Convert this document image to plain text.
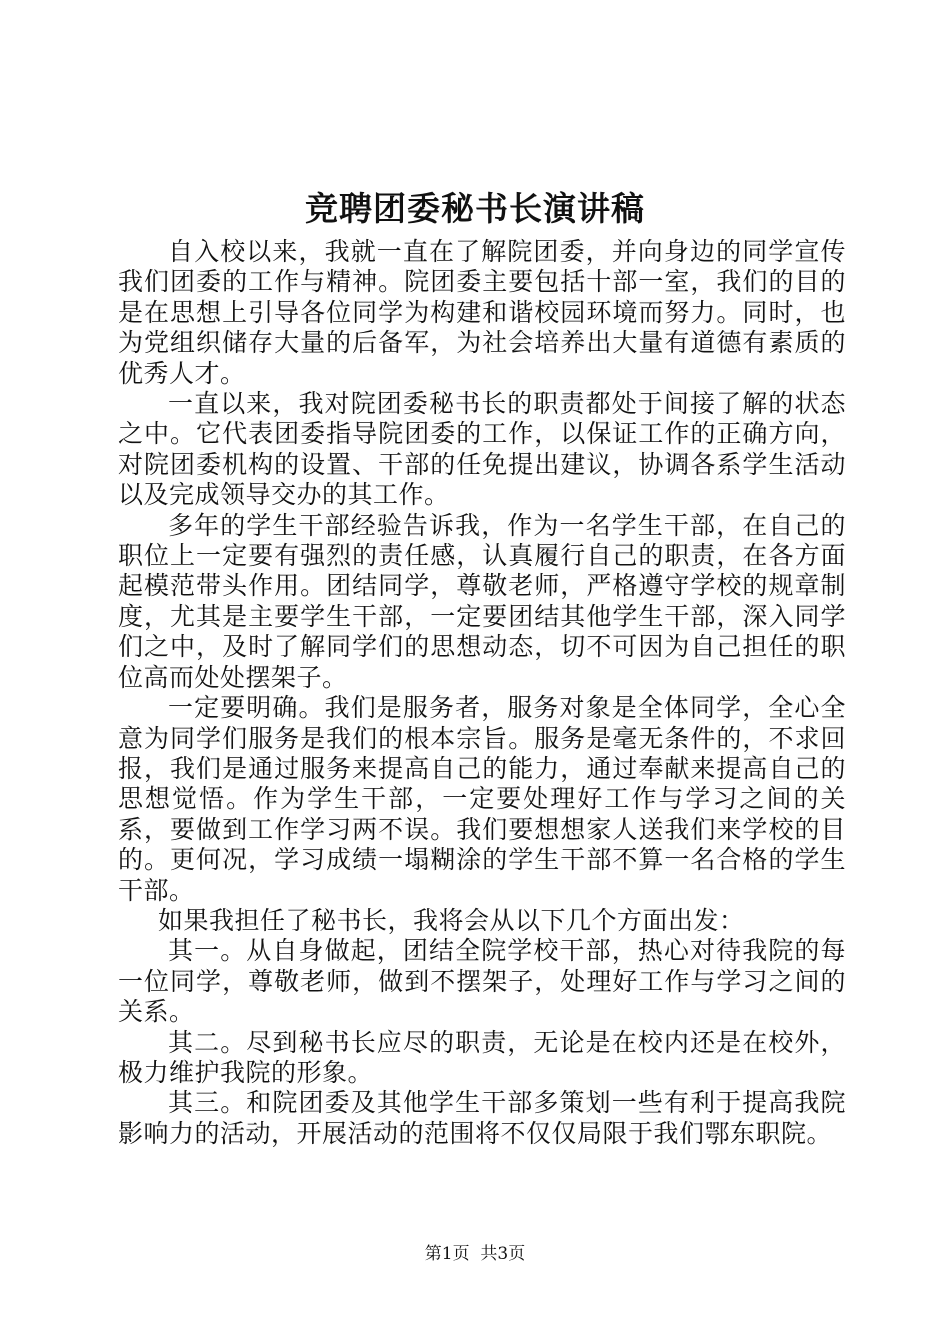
竞聘团委秘书长演讲稿

自入校以来，我就一直在了解院团委，并向身边的同学宣传我们团委的工作与精神。院团委主要包括十部一室，我们的目的是在思想上引导各位同学为构建和谐校园环境而努力。同时，也为党组织储存大量的后备军，为社会培养出大量有道德有素质的优秀人才。

一直以来，我对院团委秘书长的职责都处于间接了解的状态之中。它代表团委指导院团委的工作，以保证工作的正确方向，对院团委机构的设置、干部的任免提出建议，协调各系学生活动以及完成领导交办的其工作。

多年的学生干部经验告诉我，作为一名学生干部，在自己的职位上一定要有强烈的责任感，认真履行自己的职责，在各方面起模范带头作用。团结同学，尊敬老师，严格遵守学校的规章制度，尤其是主要学生干部，一定要团结其他学生干部，深入同学们之中，及时了解同学们的思想动态，切不可因为自己担任的职位高而处处摆架子。

一定要明确。我们是服务者，服务对象是全体同学，全心全意为同学们服务是我们的根本宗旨。服务是毫无条件的，不求回报，我们是通过服务来提高自己的能力，通过奉献来提高自己的思想觉悟。作为学生干部，一定要处理好工作与学习之间的关系，要做到工作学习两不误。我们要想想家人送我们来学校的目的。更何况，学习成绩一塌糊涂的学生干部不算一名合格的学生干部。

如果我担任了秘书长，我将会从以下几个方面出发：

其一。从自身做起，团结全院学校干部，热心对待我院的每一位同学，尊敬老师，做到不摆架子，处理好工作与学习之间的关系。

其二。尽到秘书长应尽的职责，无论是在校内还是在校外，极力维护我院的形象。

其三。和院团委及其他学生干部多策划一些有利于提高我院影响力的活动，开展活动的范围将不仅仅局限于我们鄂东职院。

第1页 共3页
